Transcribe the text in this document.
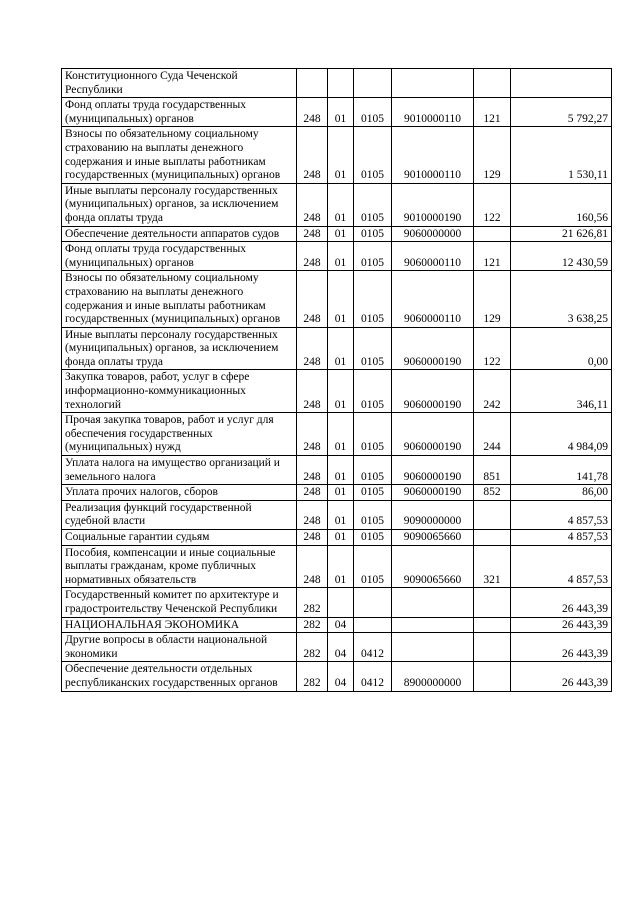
Конституционного Суда Чеченской Республики						
Фонд оплаты труда государственных (муниципальных) органов	248	01	0105	9010000110	121	5 792,27
Взносы по обязательному социальному страхованию на выплаты денежного содержания и иные выплаты работникам государственных (муниципальных) органов	248	01	0105	9010000110	129	1 530,11
Иные выплаты персоналу государственных (муниципальных) органов, за исключением фонда оплаты труда	248	01	0105	9010000190	122	160,56
Обеспечение деятельности аппаратов судов	248	01	0105	9060000000		21 626,81
Фонд оплаты труда государственных (муниципальных) органов	248	01	0105	9060000110	121	12 430,59
Взносы по обязательному социальному страхованию на выплаты денежного содержания и иные выплаты работникам государственных (муниципальных) органов	248	01	0105	9060000110	129	3 638,25
Иные выплаты персоналу государственных (муниципальных) органов, за исключением фонда оплаты труда	248	01	0105	9060000190	122	0,00
Закупка товаров, работ, услуг в сфере информационно-коммуникационных технологий	248	01	0105	9060000190	242	346,11
Прочая закупка товаров, работ и услуг для обеспечения государственных (муниципальных) нужд	248	01	0105	9060000190	244	4 984,09
Уплата налога на имущество организаций и земельного налога	248	01	0105	9060000190	851	141,78
Уплата прочих налогов, сборов	248	01	0105	9060000190	852	86,00
Реализация функций государственной судебной власти	248	01	0105	9090000000		4 857,53
Социальные гарантии судьям	248	01	0105	9090065660		4 857,53
Пособия, компенсации и иные социальные выплаты гражданам, кроме публичных нормативных обязательств	248	01	0105	9090065660	321	4 857,53
Государственный комитет по архитектуре и градостроительству Чеченской Республики	282					26 443,39
НАЦИОНАЛЬНАЯ ЭКОНОМИКА	282	04				26 443,39
Другие вопросы в области национальной экономики	282	04	0412			26 443,39
Обеспечение деятельности отдельных республиканских государственных органов	282	04	0412	8900000000		26 443,39
